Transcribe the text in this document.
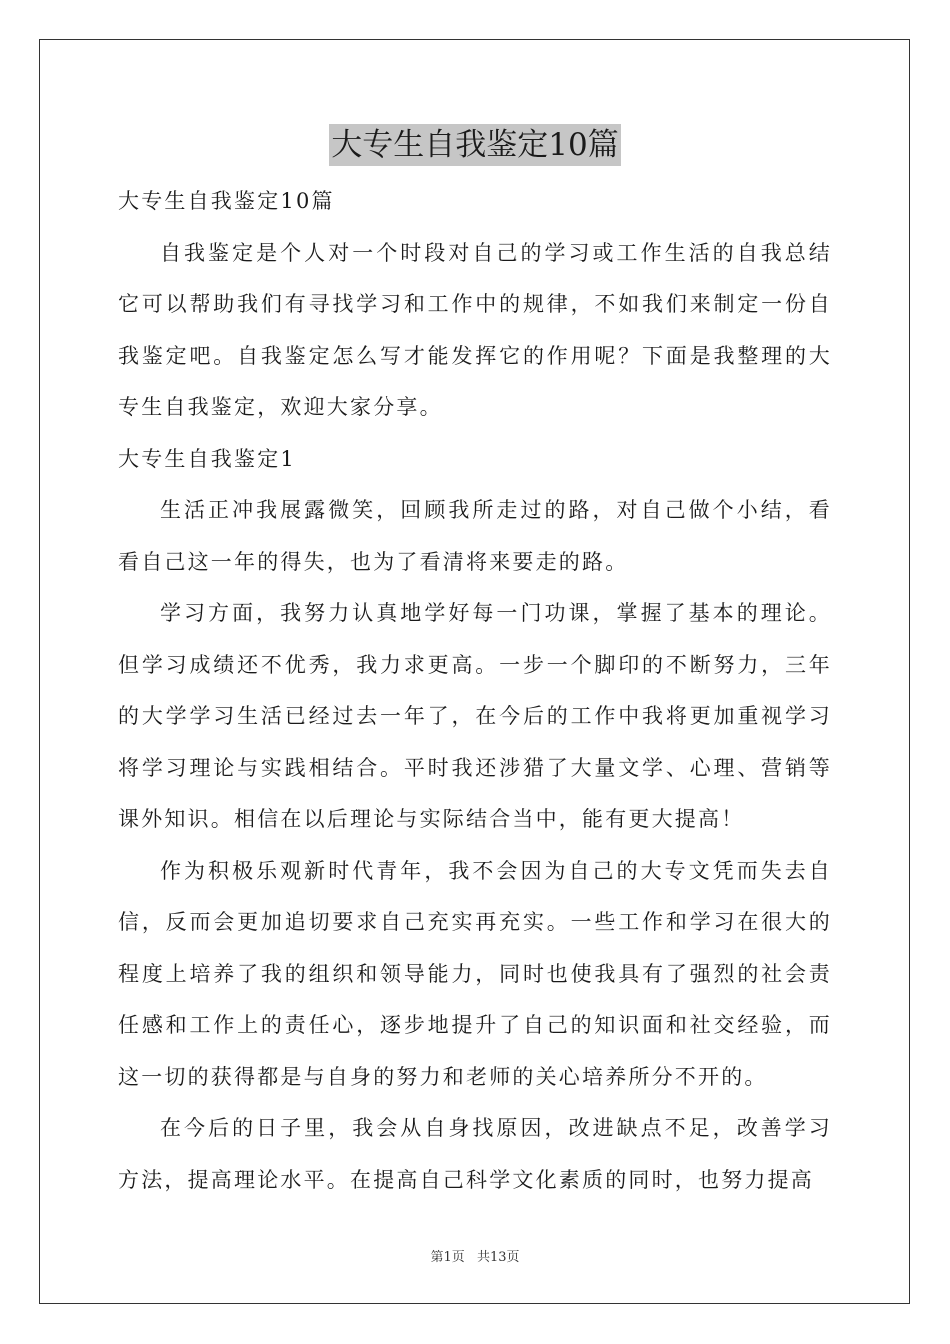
大专生自我鉴定10篇
大专生自我鉴定10篇
自我鉴定是个人对一个时段对自己的学习或工作生活的自我总结它可以帮助我们有寻找学习和工作中的规律，不如我们来制定一份自我鉴定吧。自我鉴定怎么写才能发挥它的作用呢？下面是我整理的大专生自我鉴定，欢迎大家分享。
大专生自我鉴定1
生活正冲我展露微笑，回顾我所走过的路，对自己做个小结，看看自己这一年的得失，也为了看清将来要走的路。
学习方面，我努力认真地学好每一门功课，掌握了基本的理论。但学习成绩还不优秀，我力求更高。一步一个脚印的不断努力，三年的大学学习生活已经过去一年了，在今后的工作中我将更加重视学习将学习理论与实践相结合。平时我还涉猎了大量文学、心理、营销等课外知识。相信在以后理论与实际结合当中，能有更大提高！
作为积极乐观新时代青年，我不会因为自己的大专文凭而失去自信，反而会更加追切要求自己充实再充实。一些工作和学习在很大的程度上培养了我的组织和领导能力，同时也使我具有了强烈的社会责任感和工作上的责任心，逐步地提升了自己的知识面和社交经验，而这一切的获得都是与自身的努力和老师的关心培养所分不开的。
在今后的日子里，我会从自身找原因，改进缺点不足，改善学习方法，提高理论水平。在提高自己科学文化素质的同时，也努力提高
第1页 共13页
